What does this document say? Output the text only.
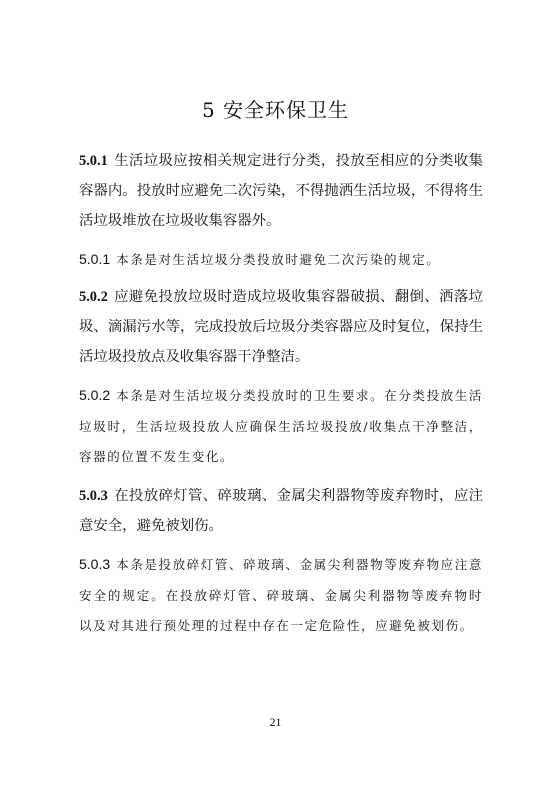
5 安全环保卫生

5.0.1 生活垃圾应按相关规定进行分类，投放至相应的分类收集容器内。投放时应避免二次污染，不得抛洒生活垃圾，不得将生活垃圾堆放在垃圾收集容器外。

5.0.1 本条是对生活垃圾分类投放时避免二次污染的规定。

5.0.2 应避免投放垃圾时造成垃圾收集容器破损、翻倒、洒落垃圾、滴漏污水等，完成投放后垃圾分类容器应及时复位，保持生活垃圾投放点及收集容器干净整洁。

5.0.2 本条是对生活垃圾分类投放时的卫生要求。在分类投放生活垃圾时，生活垃圾投放人应确保生活垃圾投放/收集点干净整洁，容器的位置不发生变化。

5.0.3 在投放碎灯管、碎玻璃、金属尖利器物等废弃物时，应注意安全，避免被划伤。

5.0.3 本条是投放碎灯管、碎玻璃、金属尖利器物等废弃物应注意安全的规定。在投放碎灯管、碎玻璃、金属尖利器物等废弃物时以及对其进行预处理的过程中存在一定危险性，应避免被划伤。

21
